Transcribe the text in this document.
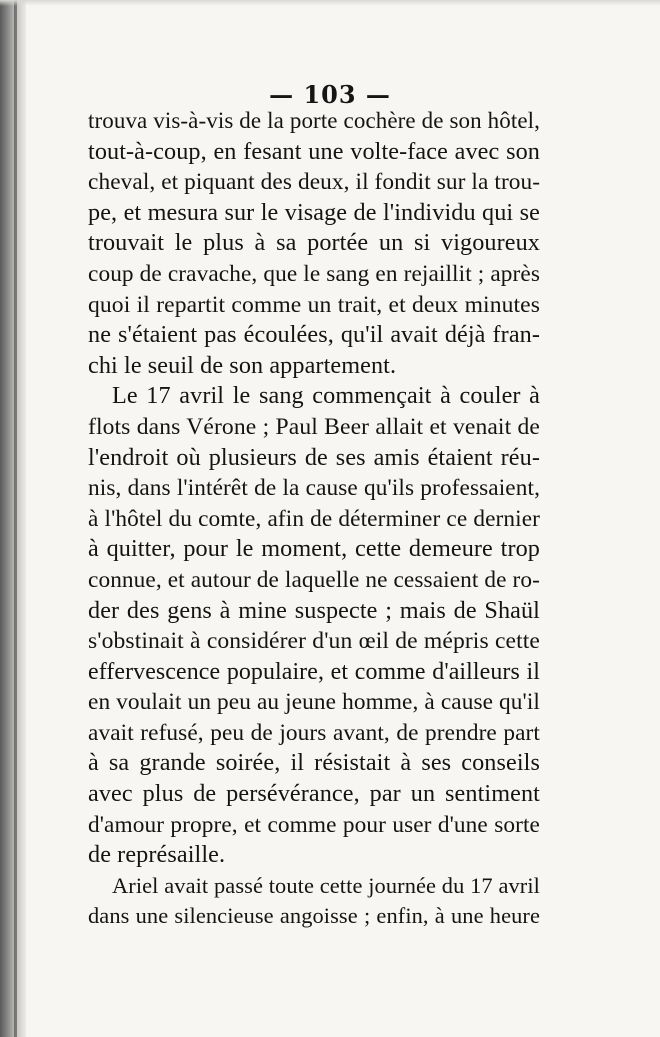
— 103 —
trouva vis-à-vis de la porte cochère de son hôtel,
tout-à-coup, en fesant une volte-face avec son
cheval, et piquant des deux, il fondit sur la trou-
pe, et mesura sur le visage de l'individu qui se
trouvait le plus à sa portée un si vigoureux
coup de cravache, que le sang en rejaillit ; après
quoi il repartit comme un trait, et deux minutes
ne s'étaient pas écoulées, qu'il avait déjà fran-
chi le seuil de son appartement.
Le 17 avril le sang commençait à couler à
flots dans Vérone ; Paul Beer allait et venait de
l'endroit où plusieurs de ses amis étaient réu-
nis, dans l'intérêt de la cause qu'ils professaient,
à l'hôtel du comte, afin de déterminer ce dernier
à quitter, pour le moment, cette demeure trop
connue, et autour de laquelle ne cessaient de ro-
der des gens à mine suspecte ; mais de Shaül
s'obstinait à considérer d'un œil de mépris cette
effervescence populaire, et comme d'ailleurs il
en voulait un peu au jeune homme, à cause qu'il
avait refusé, peu de jours avant, de prendre part
à sa grande soirée, il résistait à ses conseils
avec plus de persévérance, par un sentiment
d'amour propre, et comme pour user d'une sorte
de représaille.
Ariel avait passé toute cette journée du 17 avril
dans une silencieuse angoisse ; enfin, à une heure
